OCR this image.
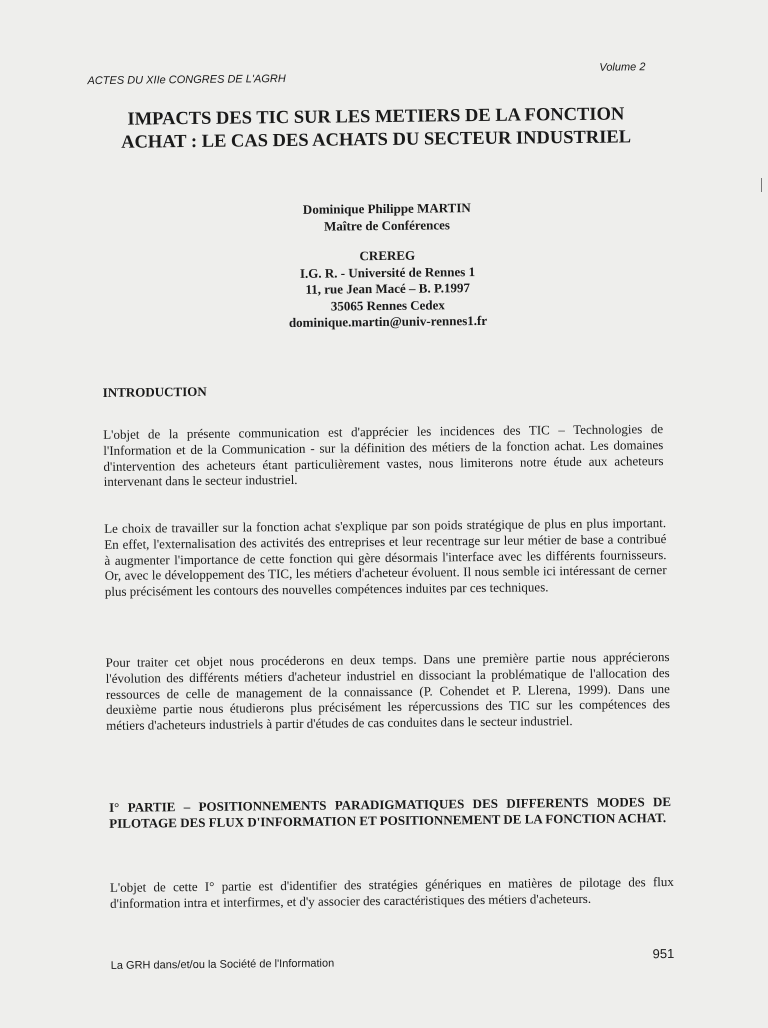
ACTES DU XIIe CONGRES DE L'AGRH
Volume 2
IMPACTS DES TIC SUR LES METIERS DE LA FONCTION ACHAT : LE CAS DES ACHATS DU SECTEUR INDUSTRIEL
Dominique Philippe MARTIN
Maître de Conférences
CREREG
I.G. R. - Université de Rennes 1
11, rue Jean Macé – B. P.1997
35065 Rennes Cedex
dominique.martin@univ-rennes1.fr
INTRODUCTION

L'objet de la présente communication est d'apprécier les incidences des TIC – Technologies de l'Information et de la Communication - sur la définition des métiers de la fonction achat. Les domaines d'intervention des acheteurs étant particulièrement vastes, nous limiterons notre étude aux acheteurs intervenant dans le secteur industriel.

Le choix de travailler sur la fonction achat s'explique par son poids stratégique de plus en plus important. En effet, l'externalisation des activités des entreprises et leur recentrage sur leur métier de base a contribué à augmenter l'importance de cette fonction qui gère désormais l'interface avec les différents fournisseurs. Or, avec le développement des TIC, les métiers d'acheteur évoluent. Il nous semble ici intéressant de cerner plus précisément les contours des nouvelles compétences induites par ces techniques.

Pour traiter cet objet nous procéderons en deux temps. Dans une première partie nous apprécierons l'évolution des différents métiers d'acheteur industriel en dissociant la problématique de l'allocation des ressources de celle de management de la connaissance (P. Cohendet et P. Llerena, 1999). Dans une deuxième partie nous étudierons plus précisément les répercussions des TIC sur les compétences des métiers d'acheteurs industriels à partir d'études de cas conduites dans le secteur industriel.

I° PARTIE – POSITIONNEMENTS PARADIGMATIQUES DES DIFFERENTS MODES DE PILOTAGE DES FLUX D'INFORMATION ET POSITIONNEMENT DE LA FONCTION ACHAT.

L'objet de cette I° partie est d'identifier des stratégies génériques en matières de pilotage des flux d'information intra et interfirmes, et d'y associer des caractéristiques des métiers d'acheteurs.

La GRH dans/et/ou la Société de l'Information
951
